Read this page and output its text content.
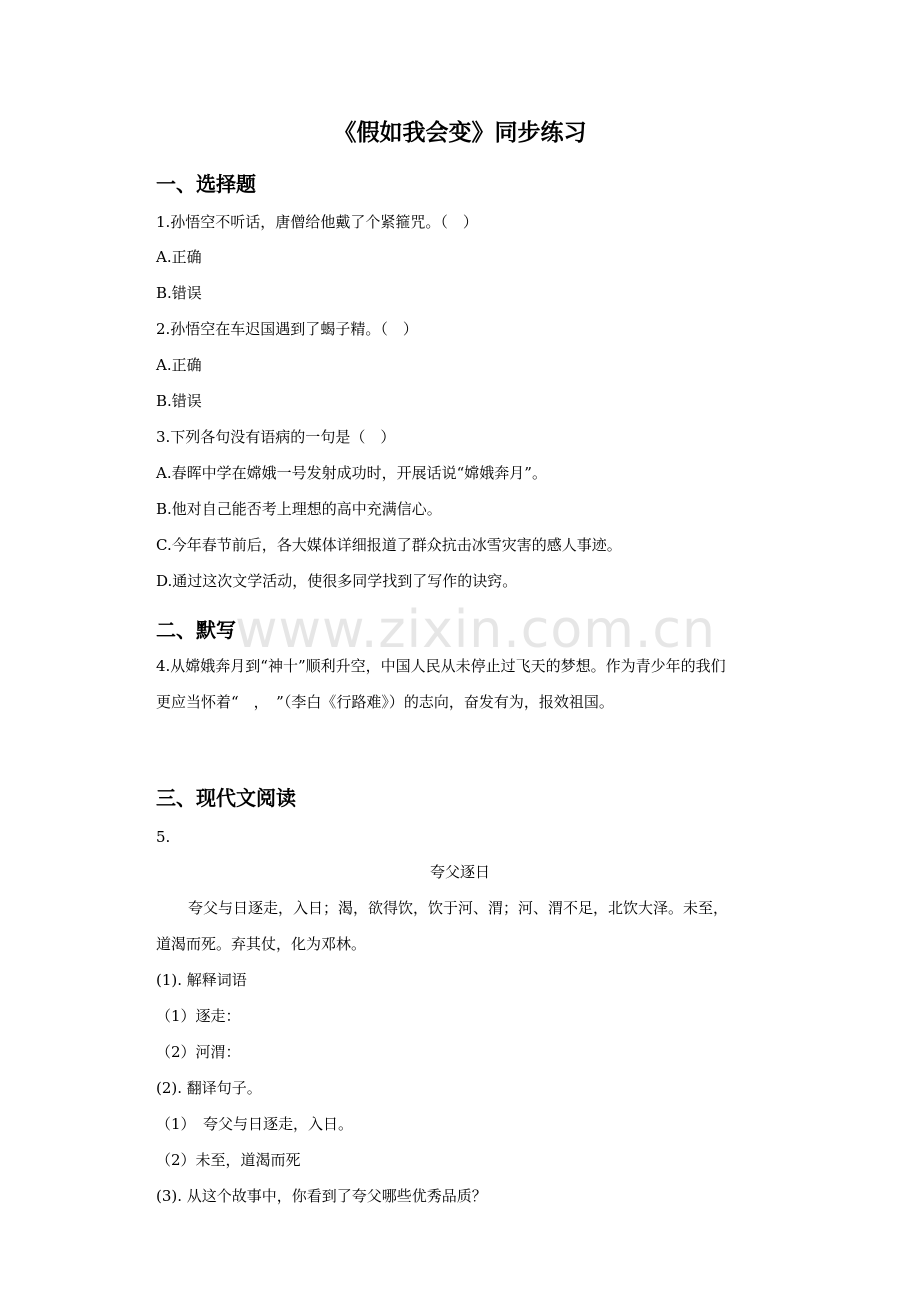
www.zixin.com.cn
《假如我会变》同步练习
一、选择题
1.孙悟空不听话，唐僧给他戴了个紧箍咒。（　）
A.正确
B.错误
2.孙悟空在车迟国遇到了蝎子精。（　）
A.正确
B.错误
3.下列各句没有语病的一句是（　）
A.春晖中学在嫦娥一号发射成功时，开展话说“嫦娥奔月”。
B.他对自己能否考上理想的高中充满信心。
C.今年春节前后，各大媒体详细报道了群众抗击冰雪灾害的感人事迹。
D.通过这次文学活动，使很多同学找到了写作的诀窍。
二、默写
4.从嫦娥奔月到“神十”顺利升空，中国人民从未停止过飞天的梦想。作为青少年的我们
更应当怀着“　，　”（李白《行路难》）的志向，奋发有为，报效祖国。
三、现代文阅读
5.
夸父逐日
夸父与日逐走，入日；渴，欲得饮，饮于河、渭；河、渭不足，北饮大泽。未至，
道渴而死。弃其仗，化为邓林。
(1). 解释词语
（1）逐走：
（2）河渭：
(2). 翻译句子。
（1）　夸父与日逐走，入日。
（2）未至，道渴而死
(3). 从这个故事中，你看到了夸父哪些优秀品质？
